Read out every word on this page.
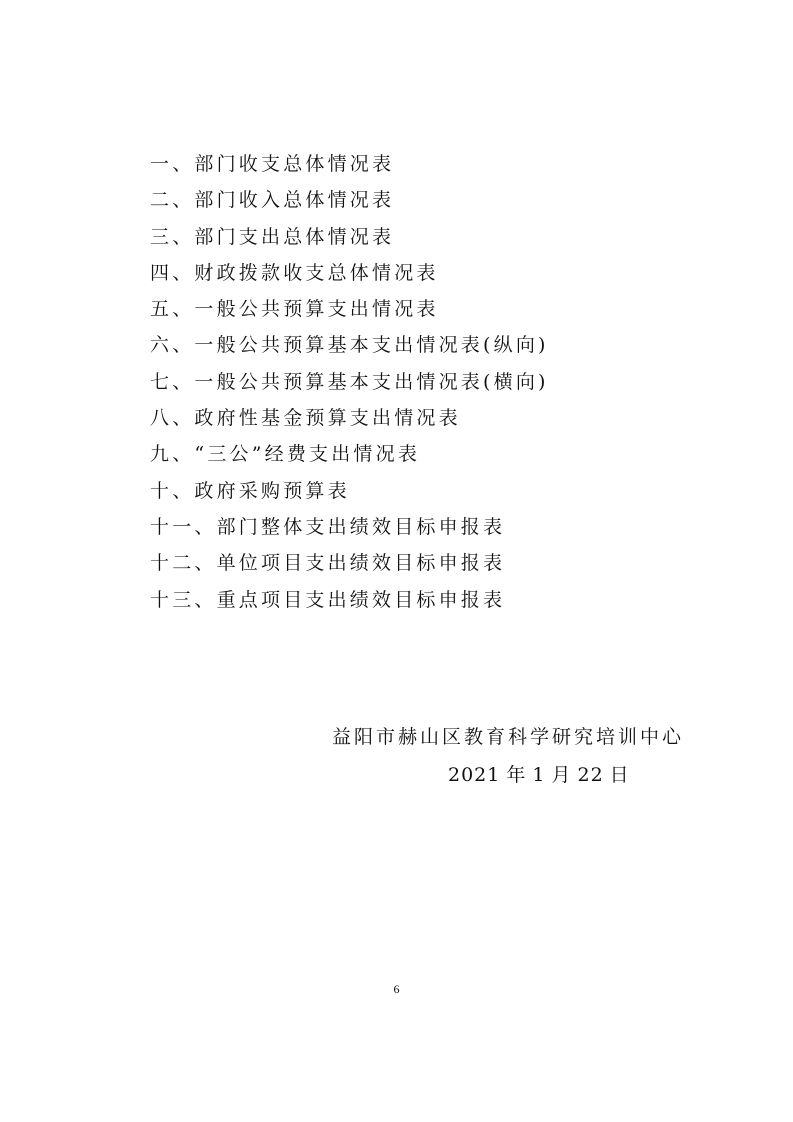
一、部门收支总体情况表
二、部门收入总体情况表
三、部门支出总体情况表
四、财政拨款收支总体情况表
五、一般公共预算支出情况表
六、一般公共预算基本支出情况表(纵向)
七、一般公共预算基本支出情况表(横向)
八、政府性基金预算支出情况表
九、“三公”经费支出情况表
十、政府采购预算表
十一、部门整体支出绩效目标申报表
十二、单位项目支出绩效目标申报表
十三、重点项目支出绩效目标申报表
益阳市赫山区教育科学研究培训中心
2021 年 1 月 22 日
6
